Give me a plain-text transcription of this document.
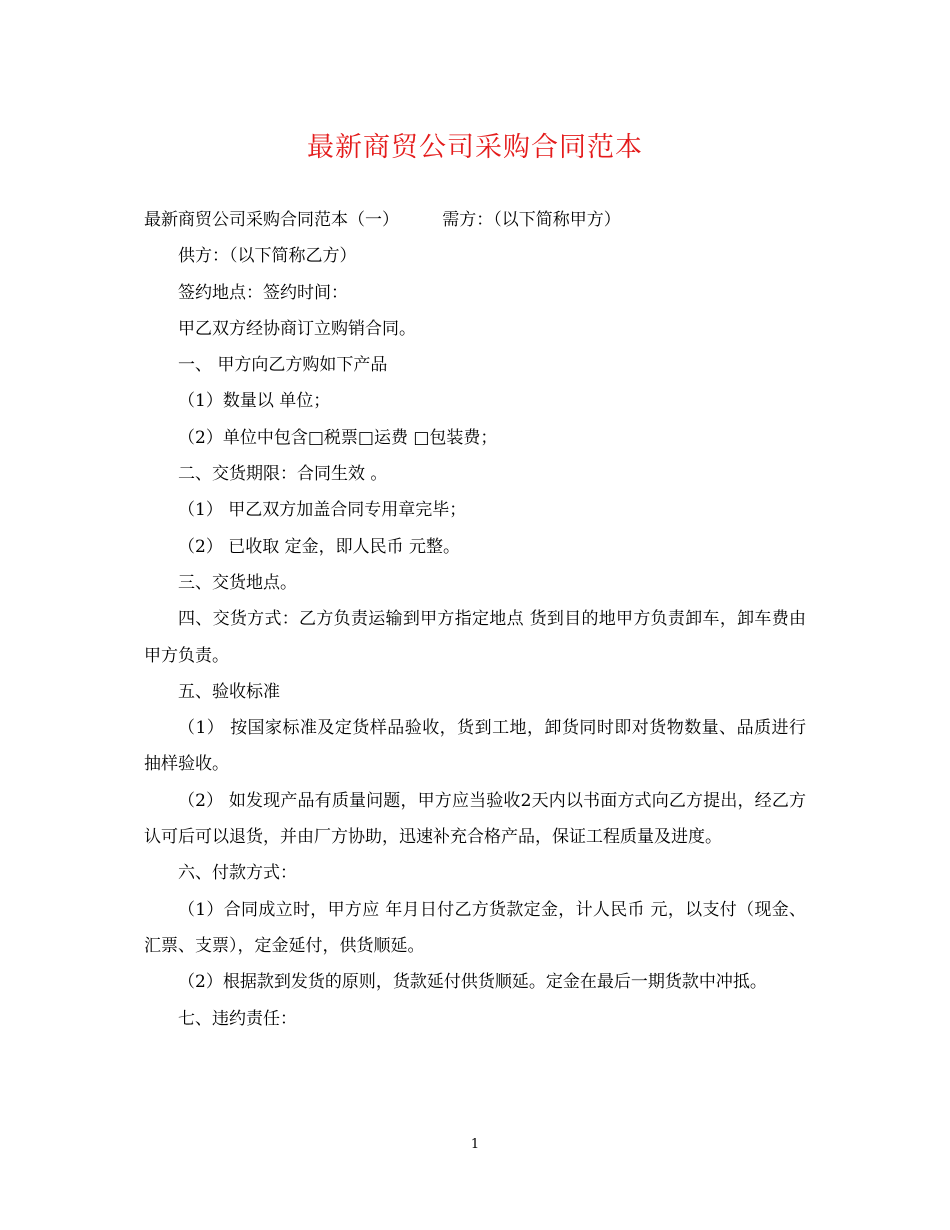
最新商贸公司采购合同范本

最新商贸公司采购合同范本（一）        需方：（以下简称甲方）

供方：（以下简称乙方）

签约地点：签约时间：

甲乙双方经协商订立购销合同。

一、 甲方向乙方购如下产品

（1）数量以 单位；

（2）单位中包含□税票□运费 □包装费；

二、交货期限：合同生效 。

（1） 甲乙双方加盖合同专用章完毕；

（2） 已收取 定金，即人民币 元整。

三、交货地点。

四、交货方式：乙方负责运输到甲方指定地点 货到目的地甲方负责卸车，卸车费由甲方负责。

五、验收标准

（1） 按国家标准及定货样品验收，货到工地，卸货同时即对货物数量、品质进行抽样验收。

（2） 如发现产品有质量问题，甲方应当验收2天内以书面方式向乙方提出，经乙方认可后可以退货，并由厂方协助，迅速补充合格产品，保证工程质量及进度。

六、付款方式：

（1）合同成立时，甲方应 年月日付乙方货款定金，计人民币 元，以支付（现金、汇票、支票），定金延付，供货顺延。

（2）根据款到发货的原则，货款延付供货顺延。定金在最后一期货款中冲抵。

七、违约责任：

1
